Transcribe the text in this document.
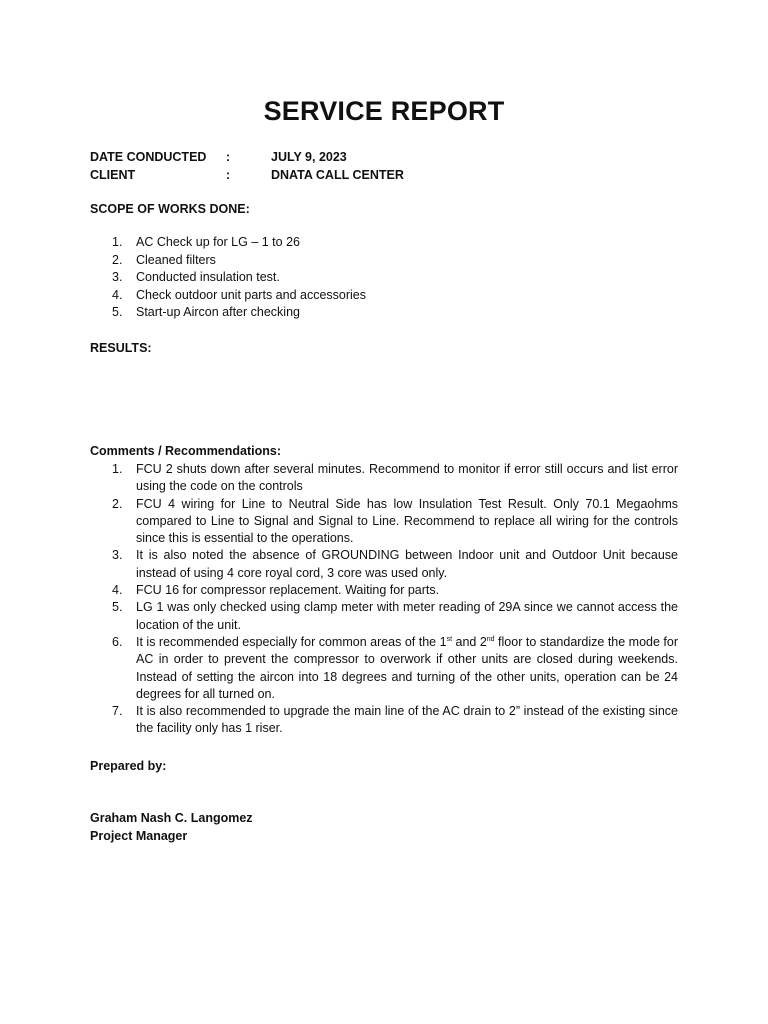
SERVICE REPORT
DATE CONDUCTED :	JULY 9, 2023
CLIENT	:	DNATA CALL CENTER
SCOPE OF WORKS DONE:
1. AC Check up for LG – 1 to 26
2. Cleaned filters
3. Conducted insulation test.
4. Check outdoor unit parts and accessories
5. Start-up Aircon after checking
RESULTS:
Comments / Recommendations:
1. FCU 2 shuts down after several minutes. Recommend to monitor if error still occurs and list error using the code on the controls
2. FCU 4 wiring for Line to Neutral Side has low Insulation Test Result. Only 70.1 Megaohms compared to Line to Signal and Signal to Line. Recommend to replace all wiring for the controls since this is essential to the operations.
3. It is also noted the absence of GROUNDING between Indoor unit and Outdoor Unit because instead of using 4 core royal cord, 3 core was used only.
4. FCU 16 for compressor replacement. Waiting for parts.
5. LG 1 was only checked using clamp meter with meter reading of 29A since we cannot access the location of the unit.
6. It is recommended especially for common areas of the 1st and 2nd floor to standardize the mode for AC in order to prevent the compressor to overwork if other units are closed during weekends. Instead of setting the aircon into 18 degrees and turning of the other units, operation can be 24 degrees for all turned on.
7. It is also recommended to upgrade the main line of the AC drain to 2” instead of the existing since the facility only has 1 riser.
Prepared by:
Graham Nash C. Langomez
Project Manager
